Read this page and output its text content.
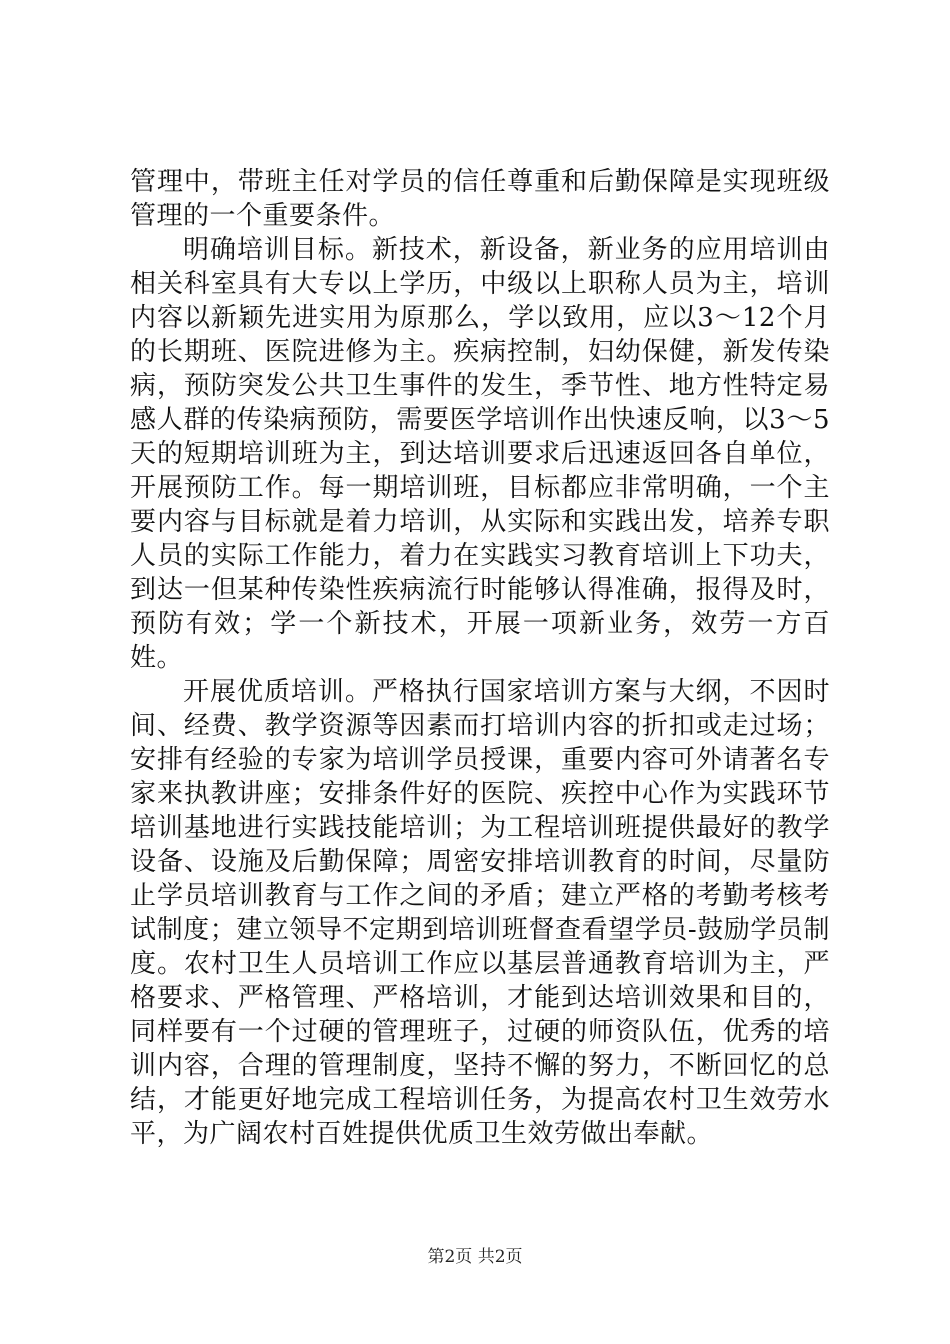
管理中，带班主任对学员的信任尊重和后勤保障是实现班级管理的一个重要条件。

明确培训目标。新技术，新设备，新业务的应用培训由相关科室具有大专以上学历，中级以上职称人员为主，培训内容以新颖先进实用为原那么，学以致用，应以3～12个月的长期班、医院进修为主。疾病控制，妇幼保健，新发传染病，预防突发公共卫生事件的发生，季节性、地方性特定易感人群的传染病预防，需要医学培训作出快速反响，以3～5天的短期培训班为主，到达培训要求后迅速返回各自单位，开展预防工作。每一期培训班，目标都应非常明确，一个主要内容与目标就是着力培训，从实际和实践出发，培养专职人员的实际工作能力，着力在实践实习教育培训上下功夫，到达一但某种传染性疾病流行时能够认得准确，报得及时，预防有效；学一个新技术，开展一项新业务，效劳一方百姓。

开展优质培训。严格执行国家培训方案与大纲，不因时间、经费、教学资源等因素而打培训内容的折扣或走过场；安排有经验的专家为培训学员授课，重要内容可外请著名专家来执教讲座；安排条件好的医院、疾控中心作为实践环节培训基地进行实践技能培训；为工程培训班提供最好的教学设备、设施及后勤保障；周密安排培训教育的时间，尽量防止学员培训教育与工作之间的矛盾；建立严格的考勤考核考试制度；建立领导不定期到培训班督查看望学员-鼓励学员制度。农村卫生人员培训工作应以基层普通教育培训为主，严格要求、严格管理、严格培训，才能到达培训效果和目的，同样要有一个过硬的管理班子，过硬的师资队伍，优秀的培训内容，合理的管理制度，坚持不懈的努力，不断回忆的总结，才能更好地完成工程培训任务，为提高农村卫生效劳水平，为广阔农村百姓提供优质卫生效劳做出奉献。

第2页 共2页
